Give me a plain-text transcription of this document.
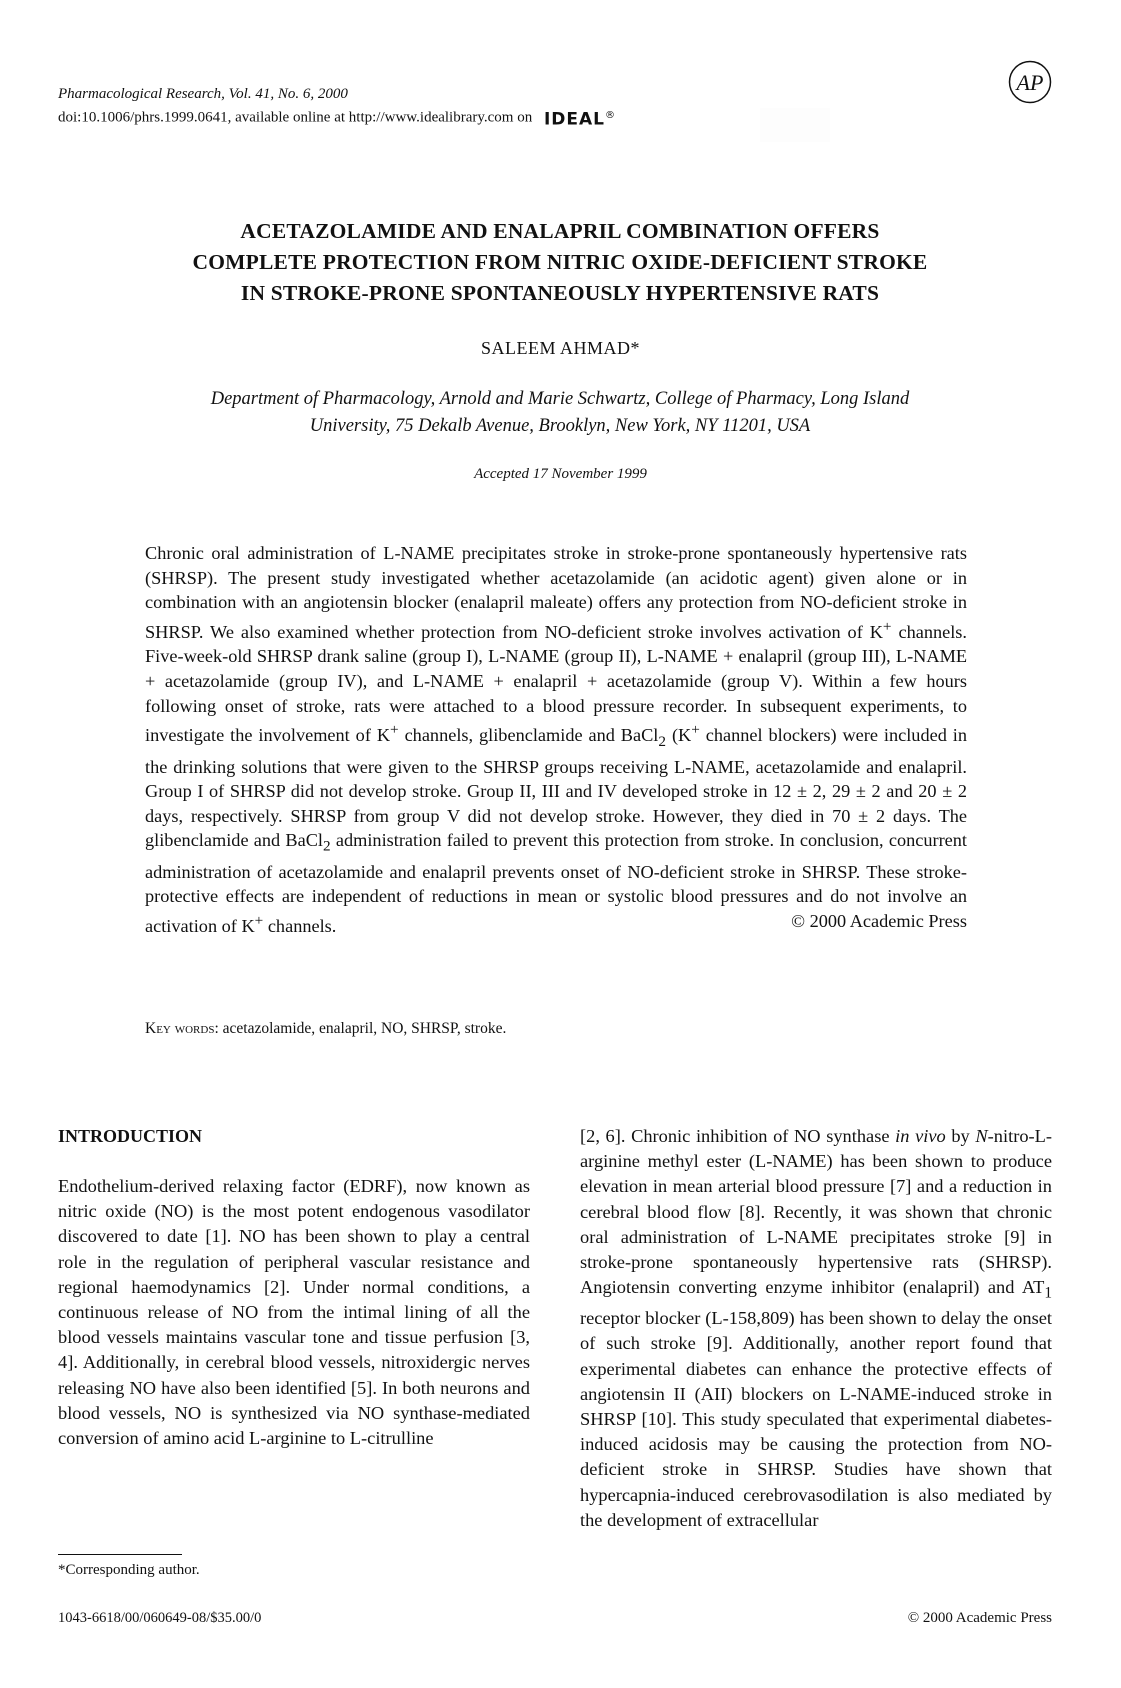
Pharmacological Research, Vol. 41, No. 6, 2000
doi:10.1006/phrs.1999.0641, available online at http://www.idealibrary.com on IDEAL®
AP
ACETAZOLAMIDE AND ENALAPRIL COMBINATION OFFERS
COMPLETE PROTECTION FROM NITRIC OXIDE-DEFICIENT STROKE
IN STROKE-PRONE SPONTANEOUSLY HYPERTENSIVE RATS
SALEEM AHMAD*
Department of Pharmacology, Arnold and Marie Schwartz, College of Pharmacy, Long Island
University, 75 Dekalb Avenue, Brooklyn, New York, NY 11201, USA
Accepted 17 November 1999
Chronic oral administration of L-NAME precipitates stroke in stroke-prone spontaneously hypertensive rats (SHRSP). The present study investigated whether acetazolamide (an acidotic agent) given alone or in combination with an angiotensin blocker (enalapril maleate) offers any protection from NO-deficient stroke in SHRSP. We also examined whether protection from NO-deficient stroke involves activation of K+ channels. Five-week-old SHRSP drank saline (group I), L-NAME (group II), L-NAME + enalapril (group III), L-NAME + acetazolamide (group IV), and L-NAME + enalapril + acetazolamide (group V). Within a few hours following onset of stroke, rats were attached to a blood pressure recorder. In subsequent experiments, to investigate the involvement of K+ channels, glibenclamide and BaCl$_2$ (K+ channel blockers) were included in the drinking solutions that were given to the SHRSP groups receiving L-NAME, acetazolamide and enalapril. Group I of SHRSP did not develop stroke. Group II, III and IV developed stroke in 12 ± 2, 29 ± 2 and 20 ± 2 days, respectively. SHRSP from group V did not develop stroke. However, they died in 70 ± 2 days. The glibenclamide and BaCl$_2$ administration failed to prevent this protection from stroke. In conclusion, concurrent administration of acetazolamide and enalapril prevents onset of NO-deficient stroke in SHRSP. These stroke-protective effects are independent of reductions in mean or systolic blood pressures and do not involve an activation of K+ channels.	© 2000 Academic Press
Key words: acetazolamide, enalapril, NO, SHRSP, stroke.
INTRODUCTION

Endothelium-derived relaxing factor (EDRF), now known as nitric oxide (NO) is the most potent endogenous vasodilator discovered to date [1]. NO has been shown to play a central role in the regulation of peripheral vascular resistance and regional haemodynamics [2]. Under normal conditions, a continuous release of NO from the intimal lining of all the blood vessels maintains vascular tone and tissue perfusion [3, 4]. Additionally, in cerebral blood vessels, nitroxidergic nerves releasing NO have also been identified [5]. In both neurons and blood vessels, NO is synthesized via NO synthase-mediated conversion of amino acid L-arginine to L-citrulline

[2, 6]. Chronic inhibition of NO synthase in vivo by N-nitro-L-arginine methyl ester (L-NAME) has been shown to produce elevation in mean arterial blood pressure [7] and a reduction in cerebral blood flow [8]. Recently, it was shown that chronic oral administration of L-NAME precipitates stroke [9] in stroke-prone spontaneously hypertensive rats (SHRSP). Angiotensin converting enzyme inhibitor (enalapril) and $AT_1$ receptor blocker (L-158,809) has been shown to delay the onset of such stroke [9]. Additionally, another report found that experimental diabetes can enhance the protective effects of angiotensin II (AII) blockers on L-NAME-induced stroke in SHRSP [10]. This study speculated that experimental diabetes-induced acidosis may be causing the protection from NO-deficient stroke in SHRSP. Studies have shown that hypercapnia-induced cerebrovasodilation is also mediated by the development of extracellular

*Corresponding author.
1043-6618/00/060649-08/$35.00/0	© 2000 Academic Press
